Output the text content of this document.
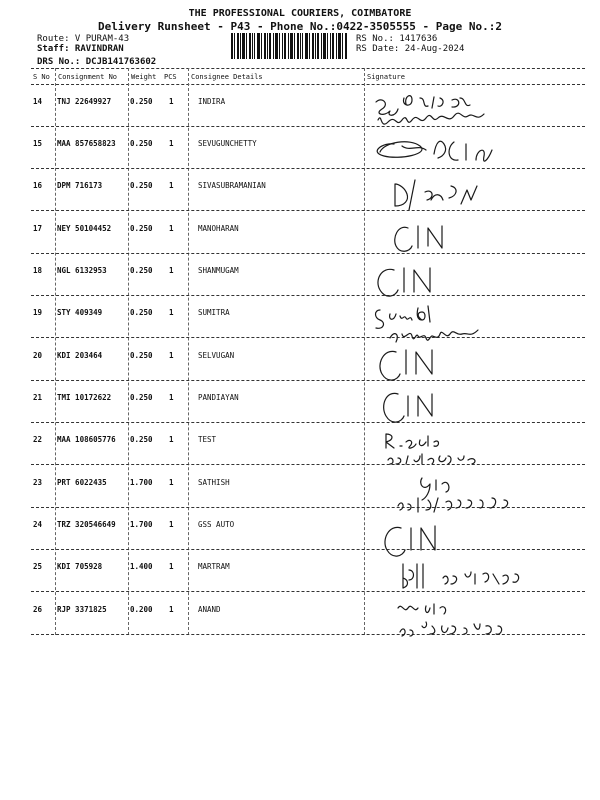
THE PROFESSIONAL COURIERS, COIMBATORE
Delivery Runsheet - P43 - Phone No.:0422-3505555 - Page No.:2
Route: V PURAM-43
Staff: RAVINDRAN
DRS No.: DCJB141763602
RS No.: 1417636
RS Date: 24-Aug-2024
S No Consignment No Weight PCS Consignee Details	Signature
14 TNJ 22649927	0.250 1	INDIRA
15 MAA 857658823 0.250 1	SEVUGUNCHETTY
16 DPM 716173	0.250 1	SIVASUBRAMANIAN
17 NEY 50104452	0.250 1	MANOHARAN
18 NGL 6132953	0.250 1	SHANMUGAM
19 STY 409349	0.250 1	SUMITRA
20 KDI 203464	0.250 1	SELVUGAN
21 TMI 10172622	0.250 1	PANDIAYAN
22 MAA 108605776 0.250 1	TEST
23 PRT 6022435	1.700 1	SATHISH
24 TRZ 320546649 1.700 1	GSS AUTO
25 KDI 705928	1.400 1	MARTRAM
26 RJP 3371825	0.200 1	ANAND
